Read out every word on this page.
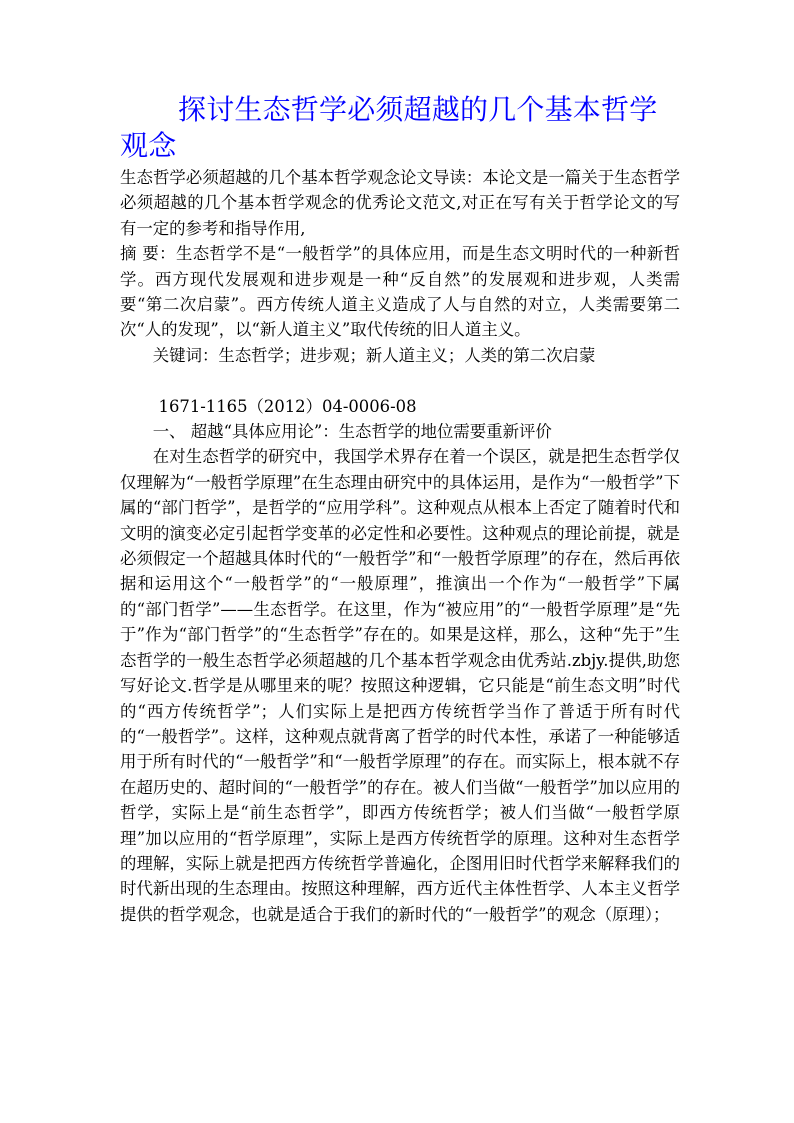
探讨生态哲学必须超越的几个基本哲学观念

生态哲学必须超越的几个基本哲学观念论文导读：本论文是一篇关于生态哲学必须超越的几个基本哲学观念的优秀论文范文,对正在写有关于哲学论文的写有一定的参考和指导作用,

摘 要：生态哲学不是“一般哲学”的具体应用，而是生态文明时代的一种新哲学。西方现代发展观和进步观是一种“反自然”的发展观和进步观，人类需要“第二次启蒙”。西方传统人道主义造成了人与自然的对立，人类需要第二次“人的发现”，以“新人道主义”取代传统的旧人道主义。

关键词：生态哲学；进步观；新人道主义；人类的第二次启蒙

1671-1165（2012）04-0006-08

一、 超越“具体应用论”：生态哲学的地位需要重新评价

在对生态哲学的研究中，我国学术界存在着一个误区，就是把生态哲学仅仅理解为“一般哲学原理”在生态理由研究中的具体运用，是作为“一般哲学”下属的“部门哲学”，是哲学的“应用学科”。这种观点从根本上否定了随着时代和文明的演变必定引起哲学变革的必定性和必要性。这种观点的理论前提，就是必须假定一个超越具体时代的“一般哲学”和“一般哲学原理”的存在，然后再依据和运用这个“一般哲学”的“一般原理”，推演出一个作为“一般哲学”下属的“部门哲学”——生态哲学。在这里，作为“被应用”的“一般哲学原理”是“先于”作为“部门哲学”的“生态哲学”存在的。如果是这样，那么，这种“先于”生态哲学的一般生态哲学必须超越的几个基本哲学观念由优秀站.zbjy.提供,助您写好论文.哲学是从哪里来的呢？按照这种逻辑，它只能是“前生态文明”时代的“西方传统哲学”；人们实际上是把西方传统哲学当作了普适于所有时代的“一般哲学”。这样，这种观点就背离了哲学的时代本性，承诺了一种能够适用于所有时代的“一般哲学”和“一般哲学原理”的存在。而实际上，根本就不存在超历史的、超时间的“一般哲学”的存在。被人们当做“一般哲学”加以应用的哲学，实际上是“前生态哲学”，即西方传统哲学；被人们当做“一般哲学原理”加以应用的“哲学原理”，实际上是西方传统哲学的原理。这种对生态哲学的理解，实际上就是把西方传统哲学普遍化，企图用旧时代哲学来解释我们的时代新出现的生态理由。按照这种理解，西方近代主体性哲学、人本主义哲学提供的哲学观念，也就是适合于我们的新时代的“一般哲学”的观念（原理）；
